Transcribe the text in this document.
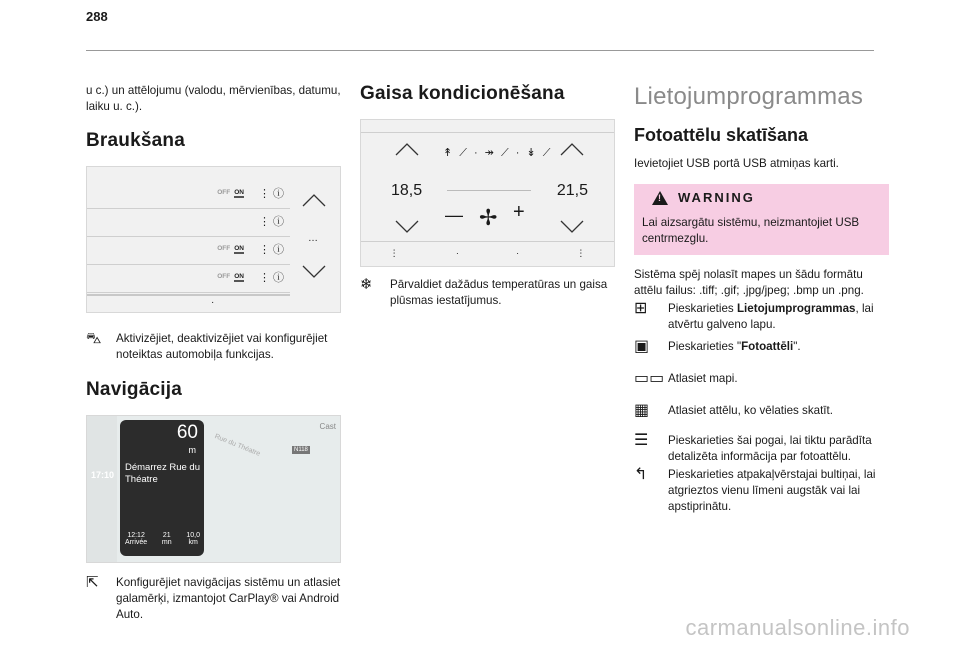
288

u c.) un attēlojumu (valodu, mērvienības, datumu, laiku u. c.).

Braukšana
OFF ON ⋮ ⓘ
⋮ ⓘ
OFF ON ⋮ ⓘ
OFF ON ⋮ ⓘ
…
·
⛍	Aktivizējiet, deaktivizējiet vai konfigurējiet noteiktas automobiļa funkcijas.
Navigācija
17:10
60
m
Démarrez Rue du Théatre
12:12
Arrivée
21
mn
10,0
km
Rue du Théatre	N118
Cast
⇱	Konfigurējiet navigācijas sistēmu un atlasiet galamērķi, izmantojot CarPlay® vai Android Auto.
Gaisa kondicionēšana
↟ ⟋ · ↠ ⟋ · ↡ ⟋
18,5	21,5
— ✢ +
⋮	·	·	⋮
❄	Pārvaldiet dažādus temperatūras un gaisa plūsmas iestatījumus.
Lietojumprogrammas
Fotoattēlu skatīšana

Ievietojiet USB portā USB atmiņas karti.

!
WARNING

Lai aizsargātu sistēmu, neizmantojiet USB centrmezglu.

Sistēma spēj nolasīt mapes un šādu formātu attēlu failus: .tiff; .gif; .jpg/jpeg; .bmp un .png.

⊞	Pieskarieties Lietojumprogrammas, lai atvērtu galveno lapu.
▣	Pieskarieties "Fotoattēli".
▭▭ Atlasiet mapi.
▦	Atlasiet attēlu, ko vēlaties skatīt.
☰	Pieskarieties šai pogai, lai tiktu parādīta detalizēta informācija par fotoattēlu.
↰	Pieskarieties atpakaļvērstajai bultiņai, lai atgrieztos vienu līmeni augstāk vai lai apstiprinātu.
carmanualsonline.info
